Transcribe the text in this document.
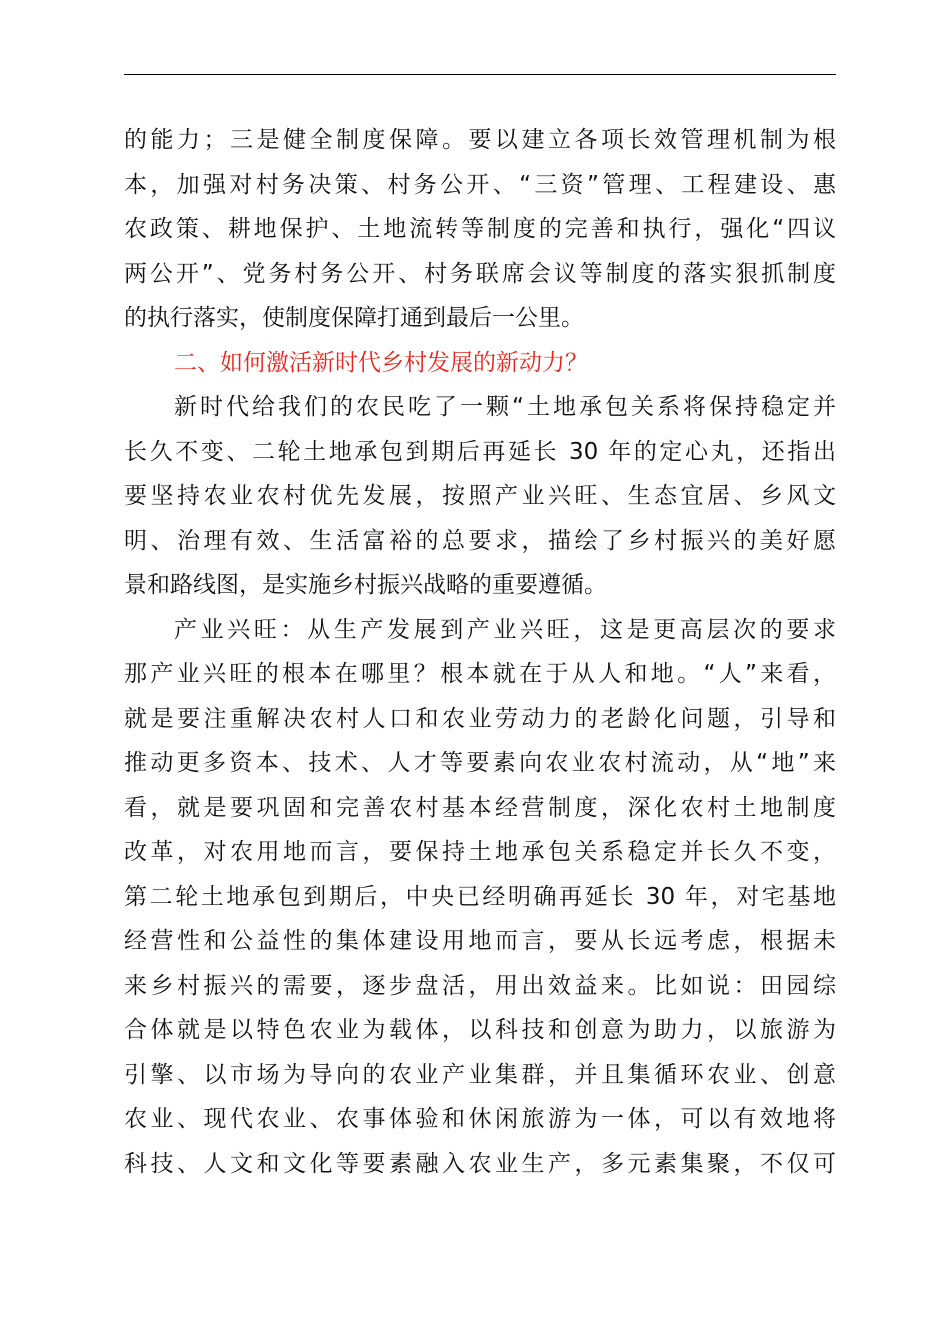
的能力；三是健全制度保障。要以建立各项长效管理机制为根
本，加强对村务决策、村务公开、“三资”管理、工程建设、惠
农政策、耕地保护、土地流转等制度的完善和执行，强化“四议
两公开”、党务村务公开、村务联席会议等制度的落实狠抓制度
的执行落实，使制度保障打通到最后一公里。
二、如何激活新时代乡村发展的新动力？
新时代给我们的农民吃了一颗“土地承包关系将保持稳定并
长久不变、二轮土地承包到期后再延长 30 年的定心丸，还指出
要坚持农业农村优先发展，按照产业兴旺、生态宜居、乡风文
明、治理有效、生活富裕的总要求，描绘了乡村振兴的美好愿
景和路线图，是实施乡村振兴战略的重要遵循。
产业兴旺：从生产发展到产业兴旺，这是更高层次的要求
那产业兴旺的根本在哪里？根本就在于从人和地。“人”来看，
就是要注重解决农村人口和农业劳动力的老龄化问题，引导和
推动更多资本、技术、人才等要素向农业农村流动，从“地”来
看，就是要巩固和完善农村基本经营制度，深化农村土地制度
改革，对农用地而言，要保持土地承包关系稳定并长久不变，
第二轮土地承包到期后，中央已经明确再延长 30 年，对宅基地
经营性和公益性的集体建设用地而言，要从长远考虑，根据未
来乡村振兴的需要，逐步盘活，用出效益来。比如说：田园综
合体就是以特色农业为载体，以科技和创意为助力，以旅游为
引擎、以市场为导向的农业产业集群，并且集循环农业、创意
农业、现代农业、农事体验和休闲旅游为一体，可以有效地将
科技、人文和文化等要素融入农业生产，多元素集聚，不仅可
